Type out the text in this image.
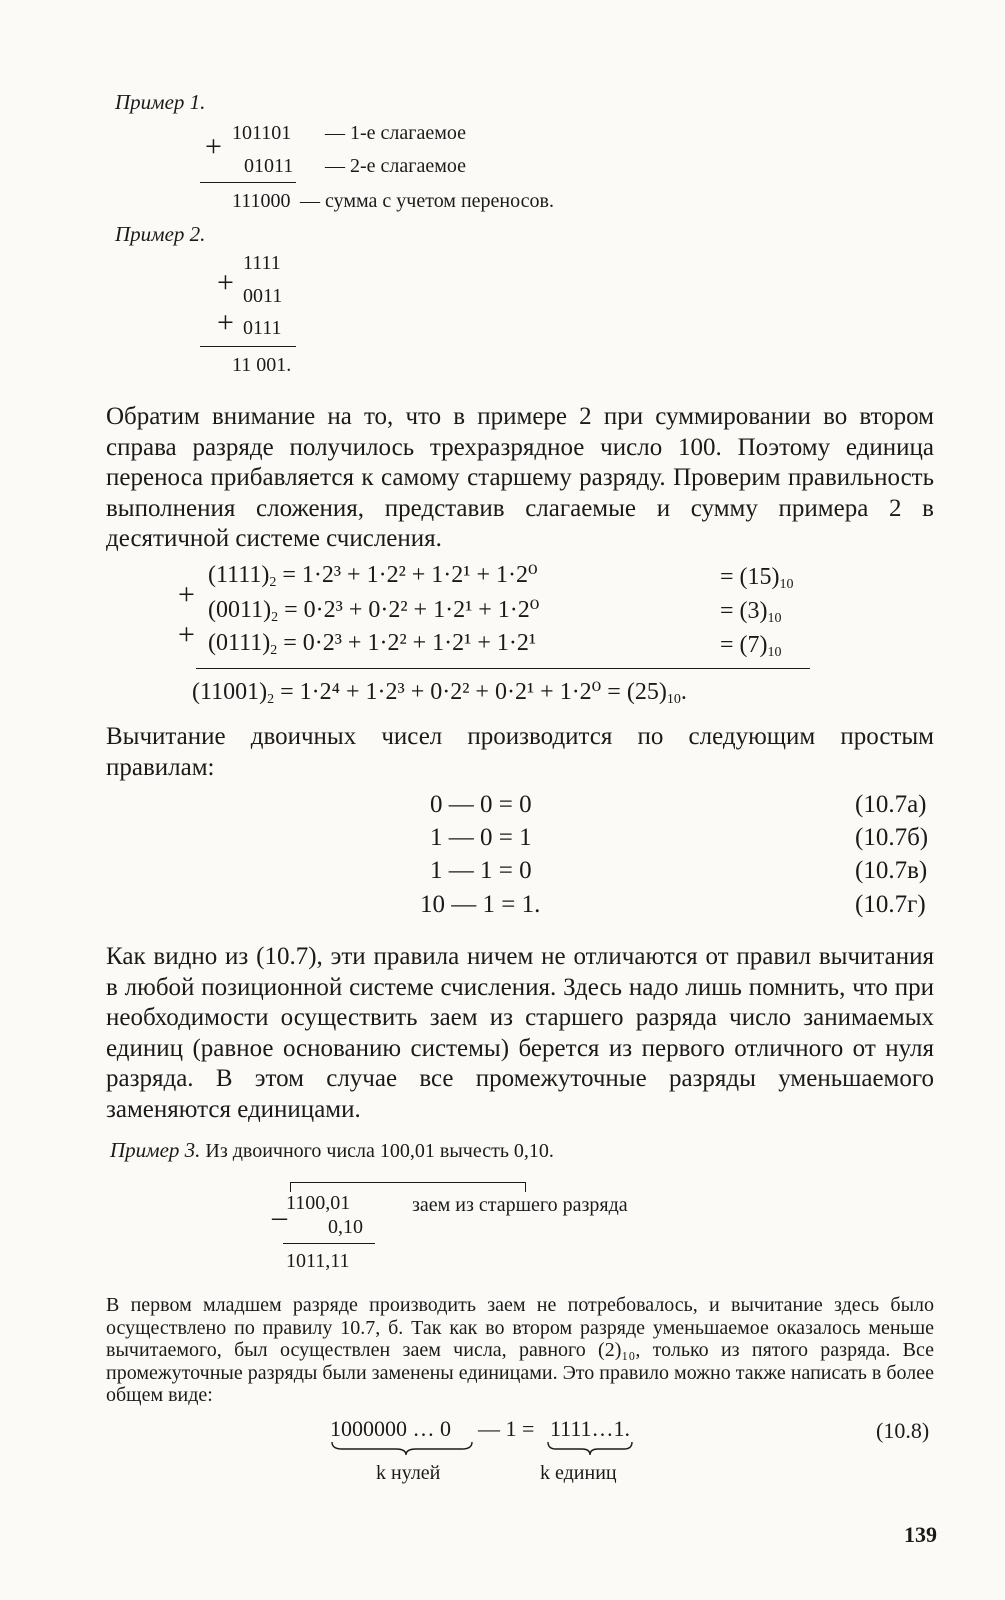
Пример 1.
+ 101101 — 1-е слагаемое
01011 — 2-е слагаемое
111000 — сумма с учетом переносов.
Пример 2.
1111
+ 0011
+ 0111
11 001.
Обратим внимание на то, что в примере 2 при суммировании во втором справа разряде получилось трехразрядное число 100. Поэтому единица переноса прибавляется к самому старшему разряду. Проверим правильность выполнения сложения, представив слагаемые и сумму примера 2 в десятичной системе счисления.
+
+
$(1111)_2 = 1\cdot 2^3 + 1\cdot 2^2 + 1\cdot 2^1 + 1\cdot 2^0$	= $(15)_{10}$
$(0011)_2 = 0\cdot 2^3 + 0\cdot 2^2 + 1\cdot 2^1 + 1\cdot 2^0$	= $(3)_{10}$
$(0111)_2 = 0\cdot 2^3 + 1\cdot 2^2 + 1\cdot 2^1 + 1\cdot 2^1$	= $(7)_{10}$
$(11001)_2 = 1\cdot 2^4 + 1\cdot 2^3 + 0\cdot 2^2 + 0\cdot 2^1 + 1\cdot 2^0 = (25)_{10}$.
Вычитание двоичных чисел производится по следующим простым правилам:
0 — 0 = 0	(10.7а)
1 — 0 = 1	(10.7б)
1 — 1 = 0	(10.7в)
10 — 1 = 1.	(10.7г)
Как видно из (10.7), эти правила ничем не отличаются от правил вычитания в любой позиционной системе счисления. Здесь надо лишь помнить, что при необходимости осуществить заем из старшего разряда число занимаемых единиц (равное основанию системы) берется из первого отличного от нуля разряда. В этом случае все промежуточные разряды уменьшаемого заменяются единицами.
Пример 3. Из двоичного числа 100,01 вычесть 0,10.
– 1100,01	заем из старшего разряда
0,10
1011,11
В первом младшем разряде производить заем не потребовалось, и вычитание здесь было осуществлено по правилу 10.7, б. Так как во втором разряде уменьшаемое оказалось меньше вычитаемого, был осуществлен заем числа, равного (2)₁₀, только из пятого разряда. Все промежуточные разряды были заменены единицами. Это правило можно также написать в более общем виде:
1000000 … 0 — 1 = 1111…1.	(10.8)
k нулей	k единиц
139
